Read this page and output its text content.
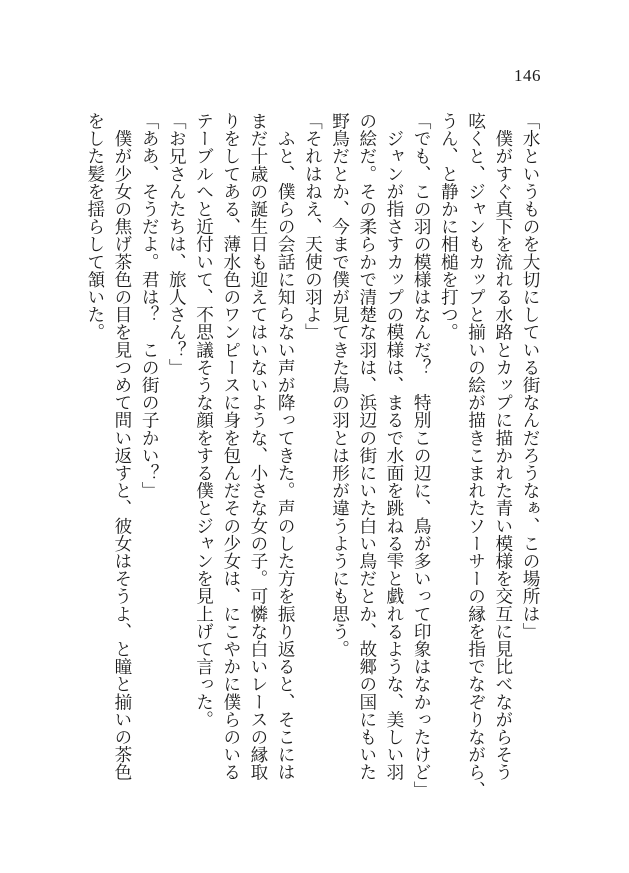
146
「水というものを大切にしている街なんだろうなぁ、この場所は」
　僕がすぐ真下を流れる水路とカップに描かれた青い模様を交互に見比べながらそう
呟くと、ジャンもカップと揃いの絵が描きこまれたソーサーの縁を指でなぞりながら、
うん、と静かに相槌を打つ。
「でも、この羽の模様はなんだ？　特別この辺に、鳥が多いって印象はなかったけど」
　ジャンが指さすカップの模様は、まるで水面を跳ねる雫と戯れるような、美しい羽
の絵だ。その柔らかで清楚な羽は、浜辺の街にいた白い鳥だとか、故郷の国にもいた
野鳥だとか、今まで僕が見てきた鳥の羽とは形が違うようにも思う。
「それはねえ、天使の羽よ」
　ふと、僕らの会話に知らない声が降ってきた。声のした方を振り返ると、そこには
まだ十歳の誕生日も迎えてはいないような、小さな女の子。可憐な白いレースの縁取
りをしてある、薄水色のワンピースに身を包んだその少女は、にこやかに僕らのいる
テーブルへと近付いて、不思議そうな顔をする僕とジャンを見上げて言った。
「お兄さんたちは、旅人さん？」
「ああ、そうだよ。君は？　この街の子かい？」
　僕が少女の焦げ茶色の目を見つめて問い返すと、彼女はそうよ、と瞳と揃いの茶色
をした髪を揺らして頷いた。
